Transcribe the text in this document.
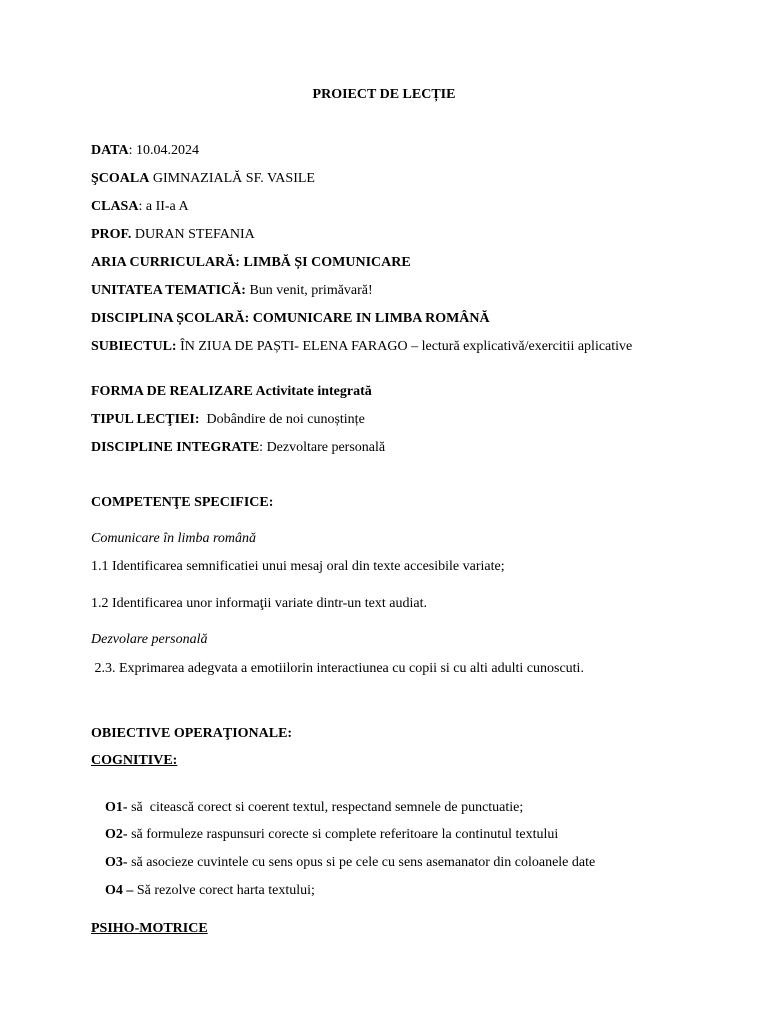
PROIECT DE LECȚIE
DATA: 10.04.2024
ŞCOALA GIMNAZIALĂ SF. VASILE
CLASA: a II-a A
PROF. DURAN STEFANIA
ARIA CURRICULARĂ: LIMBĂ ȘI COMUNICARE
UNITATEA TEMATICĂ: Bun venit, primăvară!
DISCIPLINA ȘCOLARĂ: COMUNICARE IN LIMBA ROMÂNĂ
SUBIECTUL: ÎN ZIUA DE PAȘTI- ELENA FARAGO – lectură explicativă/exercitii aplicative
FORMA DE REALIZARE Activitate integrată
TIPUL LECŢIEI: Dobândire de noi cunoștințe
DISCIPLINE INTEGRATE: Dezvoltare personală
COMPETENŢE SPECIFICE:
Comunicare în limba română
1.1 Identificarea semnificatiei unui mesaj oral din texte accesibile variate;
1.2 Identificarea unor informaţii variate dintr-un text audiat.
Dezvolare personală
2.3. Exprimarea adegvata a emotiilorin interactiunea cu copii si cu alti adulti cunoscuti.
OBIECTIVE OPERAŢIONALE:
COGNITIVE:

O1- să  citească corect si coerent textul, respectand semnele de punctuatie;

O2- să formuleze raspunsuri corecte si complete referitoare la continutul textului

O3- să asocieze cuvintele cu sens opus si pe cele cu sens asemanator din coloanele date

O4 – Să rezolve corect harta textului;

PSIHO-MOTRICE
